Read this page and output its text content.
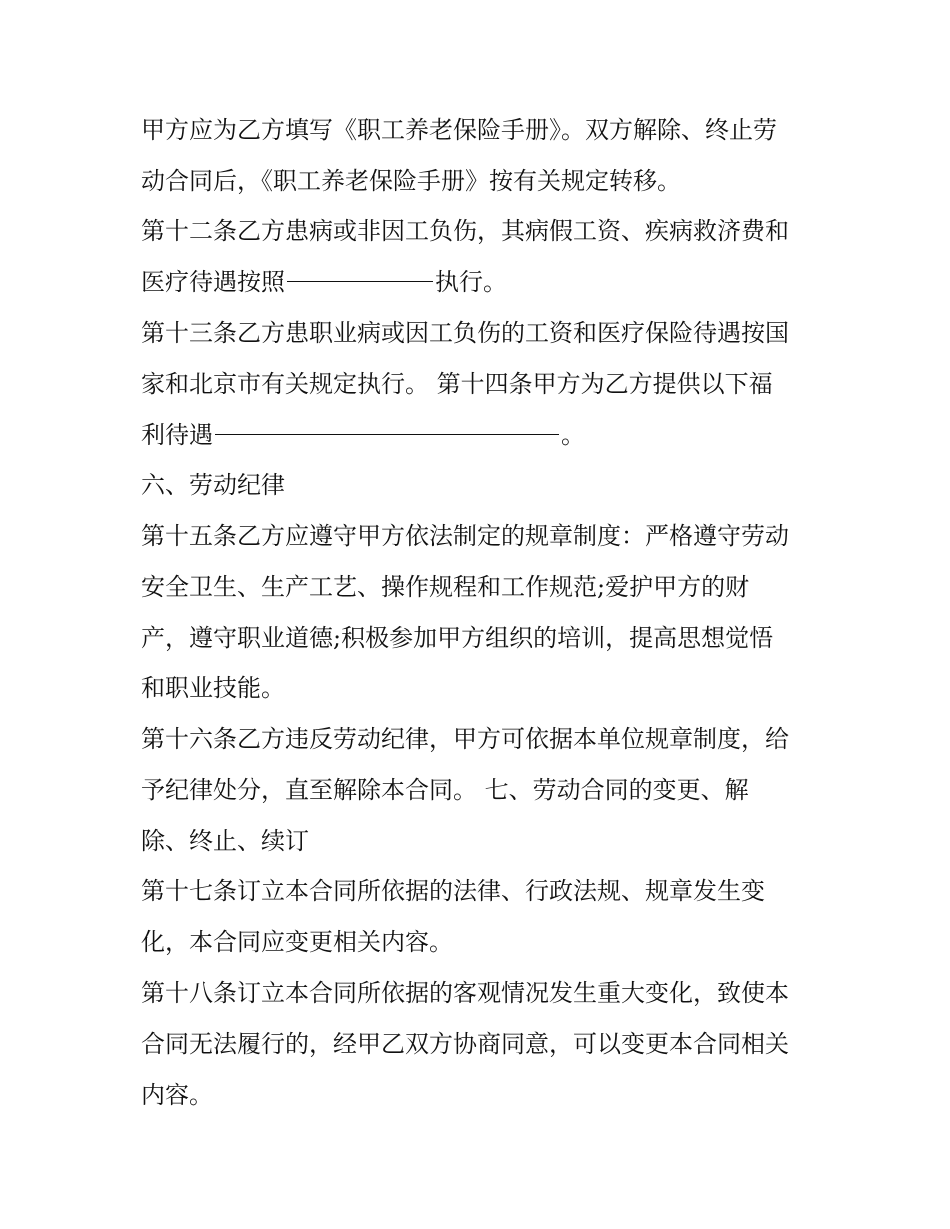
甲方应为乙方填写《职工养老保险手册》。双方解除、终止劳
动合同后，《职工养老保险手册》按有关规定转移。
第十二条乙方患病或非因工负伤，其病假工资、疾病救济费和
医疗待遇按照	执行。
第十三条乙方患职业病或因工负伤的工资和医疗保险待遇按国
家和北京市有关规定执行。 第十四条甲方为乙方提供以下福
利待遇	。
六、劳动纪律
第十五条乙方应遵守甲方依法制定的规章制度：严格遵守劳动
安全卫生、生产工艺、操作规程和工作规范;爱护甲方的财
产，遵守职业道德;积极参加甲方组织的培训，提高思想觉悟
和职业技能。
第十六条乙方违反劳动纪律，甲方可依据本单位规章制度，给
予纪律处分，直至解除本合同。 七、劳动合同的变更、解
除、终止、续订
第十七条订立本合同所依据的法律、行政法规、规章发生变
化，本合同应变更相关内容。
第十八条订立本合同所依据的客观情况发生重大变化，致使本
合同无法履行的，经甲乙双方协商同意，可以变更本合同相关
内容。
